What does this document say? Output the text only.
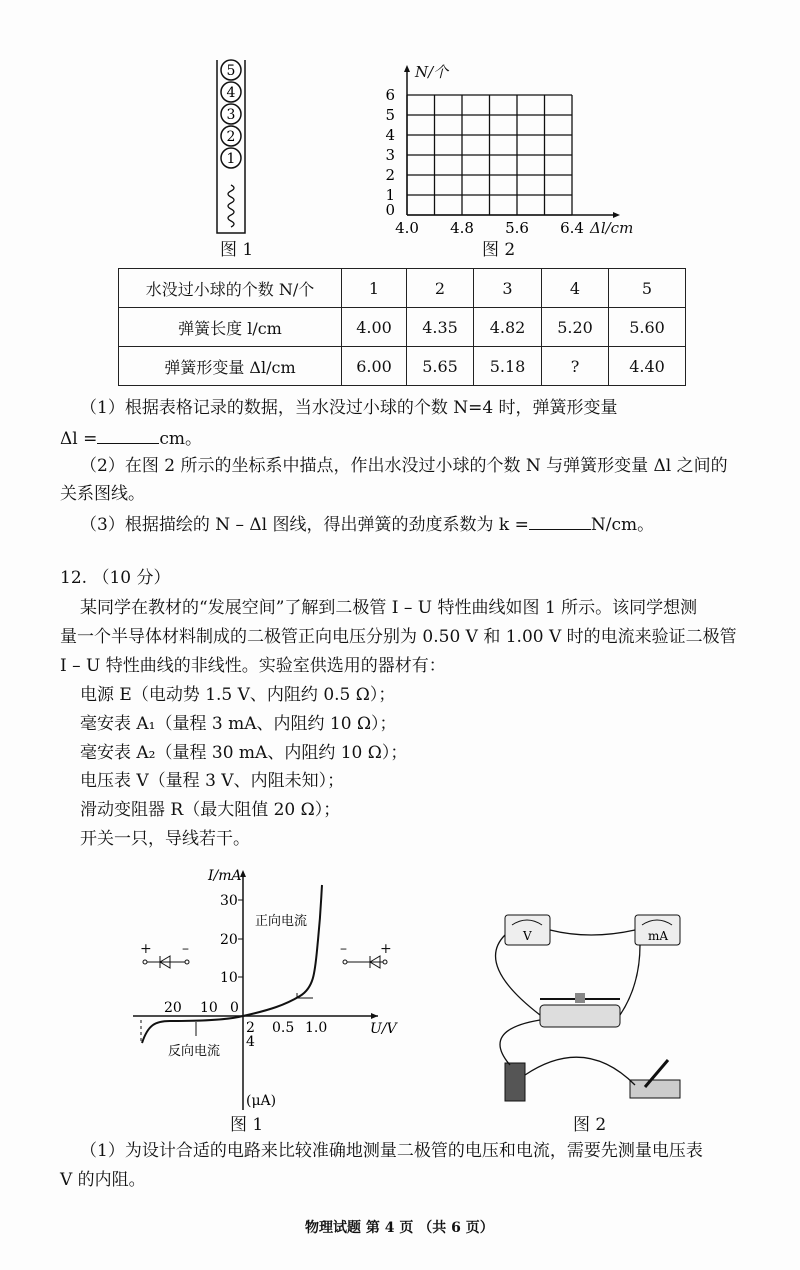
5
4
3
2
1
图 1
0
1
2
3
4
5
6
4.0 4.8 5.6 6.4
N/个
Δl/cm
图 2
水没过小球的个数 N/个	1	2	3	4	5
弹簧长度 l/cm	4.00	4.35	4.82	5.20	5.60
弹簧形变量 Δl/cm	6.00	5.65	5.18	?	4.40
（1）根据表格记录的数据，当水没过小球的个数 N=4 时，弹簧形变量
Δl =	cm。
（2）在图 2 所示的坐标系中描点，作出水没过小球的个数 N 与弹簧形变量 Δl 之间的
关系图线。
（3）根据描绘的 N – Δl 图线，得出弹簧的劲度系数为 k =	N/cm。
12. （10 分）
某同学在教材的“发展空间”了解到二极管 I – U 特性曲线如图 1 所示。该同学想测
量一个半导体材料制成的二极管正向电压分别为 0.50 V 和 1.00 V 时的电流来验证二极管
I – U 特性曲线的非线性。实验室供选用的器材有：
电源 E（电动势 1.5 V、内阻约 0.5 Ω）；
毫安表 A₁（量程 3 mA、内阻约 10 Ω）；
毫安表 A₂（量程 30 mA、内阻约 10 Ω）；
电压表 V（量程 3 V、内阻未知）；
滑动变阻器 R（最大阻值 20 Ω）；
开关一只，导线若干。
I/mA
U/V
30
20
10
0.5 1.0
20 10 0
2
4
(μA)
正向电流
反向电流
+ –	– +
图 1
V	mA
图 2
（1）为设计合适的电路来比较准确地测量二极管的电压和电流，需要先测量电压表
V 的内阻。
物理试题 第 4 页 （共 6 页）
